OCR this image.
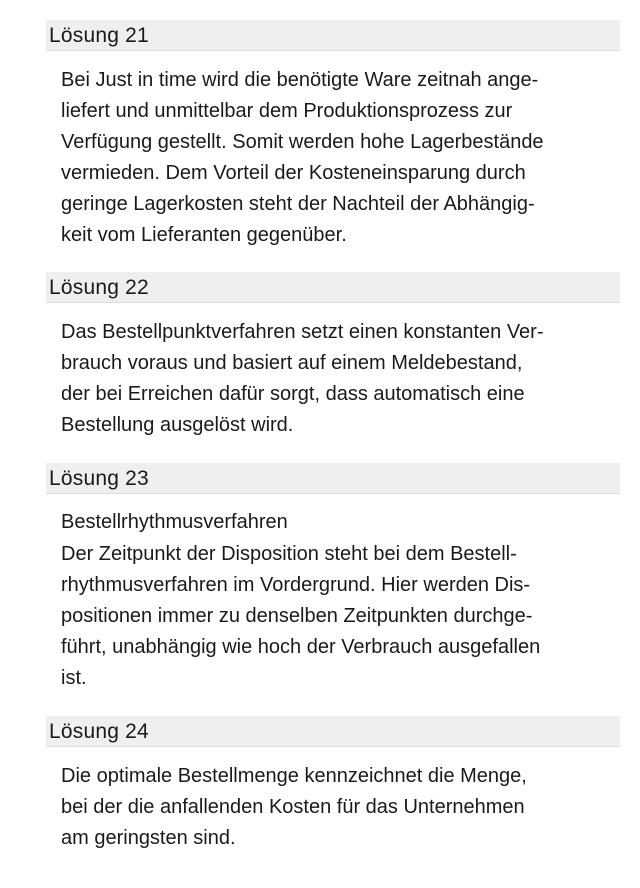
Lösung 21

Bei Just in time wird die benötigte Ware zeitnah ange-
liefert und unmittelbar dem Produktionsprozess zur
Verfügung gestellt. Somit werden hohe Lagerbestände
vermieden. Dem Vorteil der Kosteneinsparung durch
geringe Lagerkosten steht der Nachteil der Abhängig-
keit vom Lieferanten gegenüber.

Lösung 22

Das Bestellpunktverfahren setzt einen konstanten Ver-
brauch voraus und basiert auf einem Meldebestand,
der bei Erreichen dafür sorgt, dass automatisch eine
Bestellung ausgelöst wird.

Lösung 23

Bestellrhythmusverfahren

Der Zeitpunkt der Disposition steht bei dem Bestell-
rhythmusverfahren im Vordergrund. Hier werden Dis-
positionen immer zu denselben Zeitpunkten durchge-
führt, unabhängig wie hoch der Verbrauch ausgefallen
ist.

Lösung 24

Die optimale Bestellmenge kennzeichnet die Menge,
bei der die anfallenden Kosten für das Unternehmen
am geringsten sind.
